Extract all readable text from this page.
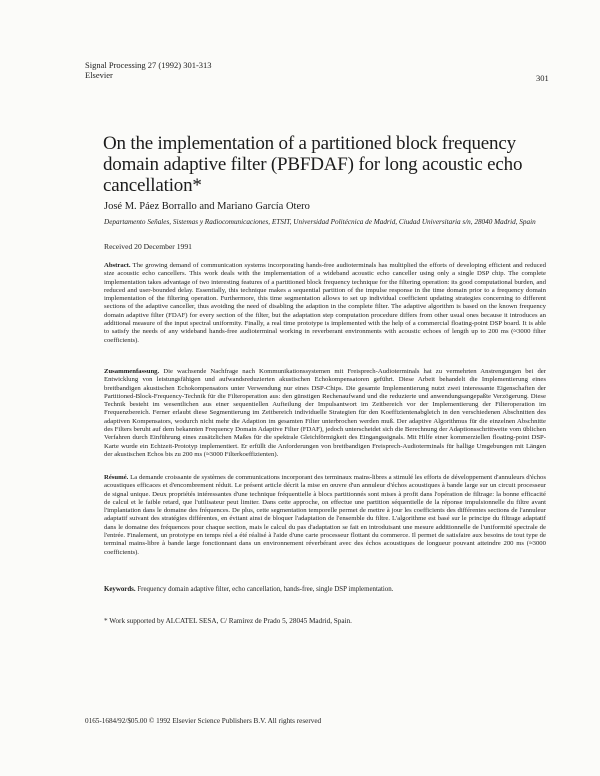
Signal Processing 27 (1992) 301-313
Elsevier	301
On the implementation of a partitioned block frequency domain adaptive filter (PBFDAF) for long acoustic echo cancellation*
José M. Páez Borrallo and Mariano García Otero
Departamento Señales, Sistemas y Radiocomunicaciones, ETSIT, Universidad Politécnica de Madrid, Ciudad Universitaria s/n, 28040 Madrid, Spain
Received 20 December 1991
Abstract. The growing demand of communication systems incorporating hands-free audioterminals has multiplied the efforts of developing efficient and reduced size acoustic echo cancellers. This work deals with the implementation of a wideband acoustic echo canceller using only a single DSP chip. The complete implementation takes advantage of two interesting features of a partitioned block frequency technique for the filtering operation: its good computational burden, and reduced and user-bounded delay. Essentially, this technique makes a sequential partition of the impulse response in the time domain prior to a frequency domain implementation of the filtering operation. Furthermore, this time segmentation allows to set up individual coefficient updating strategies concerning to different sections of the adaptive canceller, thus avoiding the need of disabling the adaption in the complete filter. The adaptive algorithm is based on the known frequency domain adaptive filter (FDAF) for every section of the filter, but the adaptation step computation procedure differs from other usual ones because it introduces an additional measure of the input spectral uniformity. Finally, a real time prototype is implemented with the help of a commercial floating-point DSP board. It is able to satisfy the needs of any wideband hands-free audioterminal working in reverberant environments with acoustic echoes of length up to 200 ms (≈3000 filter coefficients).
Zusammenfassung. Die wachsende Nachfrage nach Kommunikationssystemen mit Freisprech-Audioterminals hat zu vermehrten Anstrengungen bei der Entwicklung von leistungsfähigen und aufwandsreduzierten akustischen Echokompensatoren geführt. Diese Arbeit behandelt die Implementierung eines breitbandigen akustischen Echokompensators unter Verwendung nur eines DSP-Chips. Die gesamte Implementierung nutzt zwei interessante Eigenschaften der Partitioned-Block-Frequency-Technik für die Filteroperation aus: den günstigen Rechenaufwand und die reduzierte und anwendungsangepaßte Verzögerung. Diese Technik besteht im wesentlichen aus einer sequentiellen Aufteilung der Impulsantwort im Zeitbereich vor der Implementierung der Filteroperation im Frequenzbereich. Ferner erlaubt diese Segmentierung im Zeitbereich individuelle Strategien für den Koeffizientenabgleich in den verschiedenen Abschnitten des adaptiven Kompensators, wodurch nicht mehr die Adaption im gesamten Filter unterbrochen werden muß. Der adaptive Algorithmus für die einzelnen Abschnitte des Filters beruht auf dem bekannten Frequency Domain Adaptive Filter (FDAF), jedoch unterscheidet sich die Berechnung der Adaptionsschrittweite vom üblichen Verfahren durch Einführung eines zusätzlichen Maßes für die spektrale Gleichförmigkeit des Eingangssignals. Mit Hilfe einer kommerziellen floating-point DSP-Karte wurde ein Echtzeit-Prototyp implementiert. Er erfüllt die Anforderungen von breitbandigen Freisprech-Audioterminals für hallige Umgebungen mit Längen der akustischen Echos bis zu 200 ms (≈3000 Filterkoeffizienten).
Résumé. La demande croissante de systèmes de communications incorporant des terminaux mains-libres a stimulé les efforts de développement d'annuleurs d'échos acoustiques efficaces et d'encombrement réduit. Le présent article décrit la mise en œuvre d'un annuleur d'échos acoustiques à bande large sur un circuit processeur de signal unique. Deux propriétés intéressantes d'une technique fréquentielle à blocs partitionnés sont mises à profit dans l'opération de filtrage: la bonne efficacité de calcul et le faible retard, que l'utilisateur peut limiter. Dans cette approche, on effectue une partition séquentielle de la réponse impulsionnelle du filtre avant l'implantation dans le domaine des fréquences. De plus, cette segmentation temporelle permet de mettre à jour les coefficients des différentes sections de l'annuleur adaptatif suivant des stratégies différentes, en évitant ainsi de bloquer l'adaptation de l'ensemble du filtre. L'algorithme est basé sur le principe du filtrage adaptatif dans le domaine des fréquences pour chaque section, mais le calcul du pas d'adaptation se fait en introduisant une mesure additionnelle de l'uniformité spectrale de l'entrée. Finalement, un prototype en temps réel a été réalisé à l'aide d'une carte processeur flottant du commerce. Il permet de satisfaire aux besoins de tout type de terminal mains-libre à bande large fonctionnant dans un environnement réverbérant avec des échos acoustiques de longueur pouvant atteindre 200 ms (≈3000 coefficients).
Keywords. Frequency domain adaptive filter, echo cancellation, hands-free, single DSP implementation.
* Work supported by ALCATEL SESA, C/ Ramírez de Prado 5, 28045 Madrid, Spain.
0165-1684/92/$05.00 © 1992 Elsevier Science Publishers B.V. All rights reserved
